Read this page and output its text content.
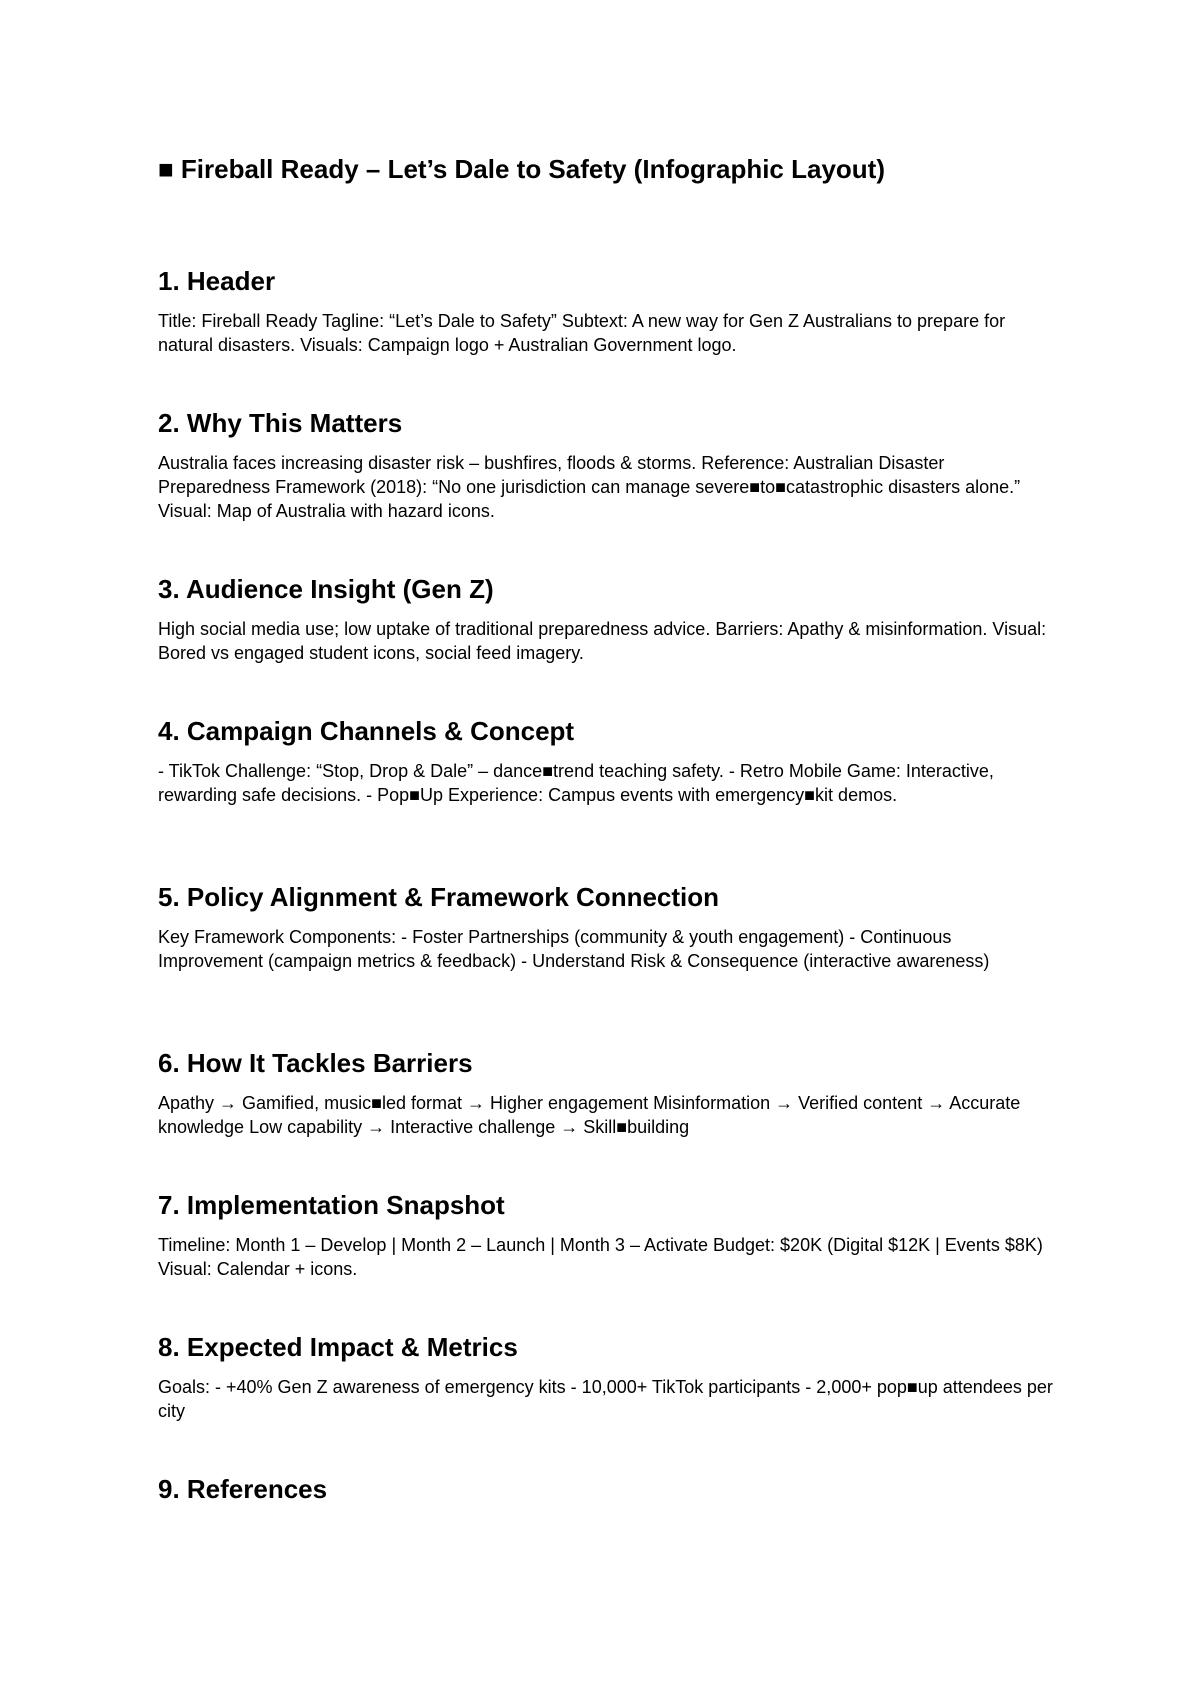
■ Fireball Ready – Let’s Dale to Safety (Infographic Layout)
1. Header

Title: Fireball Ready Tagline: “Let’s Dale to Safety” Subtext: A new way for Gen Z Australians to prepare for natural disasters. Visuals: Campaign logo + Australian Government logo.

2. Why This Matters

Australia faces increasing disaster risk – bushfires, floods & storms. Reference: Australian Disaster Preparedness Framework (2018): “No one jurisdiction can manage severe■to■catastrophic disasters alone.” Visual: Map of Australia with hazard icons.

3. Audience Insight (Gen Z)

High social media use; low uptake of traditional preparedness advice. Barriers: Apathy & misinformation. Visual: Bored vs engaged student icons, social feed imagery.

4. Campaign Channels & Concept

- TikTok Challenge: “Stop, Drop & Dale” – dance■trend teaching safety. - Retro Mobile Game: Interactive, rewarding safe decisions. - Pop■Up Experience: Campus events with emergency■kit demos.

5. Policy Alignment & Framework Connection

Key Framework Components: - Foster Partnerships (community & youth engagement) - Continuous Improvement (campaign metrics & feedback) - Understand Risk & Consequence (interactive awareness)

6. How It Tackles Barriers

Apathy → Gamified, music■led format → Higher engagement Misinformation → Verified content → Accurate knowledge Low capability → Interactive challenge → Skill■building

7. Implementation Snapshot

Timeline: Month 1 – Develop | Month 2 – Launch | Month 3 – Activate Budget: $20K (Digital $12K | Events $8K) Visual: Calendar + icons.

8. Expected Impact & Metrics

Goals: - +40% Gen Z awareness of emergency kits - 10,000+ TikTok participants - 2,000+ pop■up attendees per city

9. References
